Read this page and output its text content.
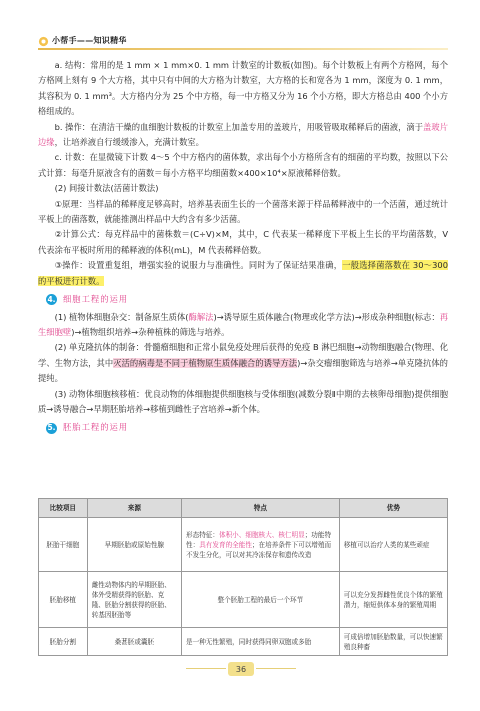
小帮手——知识精华

a. 结构：常用的是 1 mm × 1 mm×0. 1 mm 计数室的计数板(如图)。每个计数板上有两个方格网，每个方格网上刻有 9 个大方格，其中只有中间的大方格为计数室，大方格的长和宽各为 1 mm，深度为 0. 1 mm，其容积为 0. 1 mm³。大方格内分为 25 个中方格，每一中方格又分为 16 个小方格，即大方格总由 400 个小方格组成的。

b. 操作：在清洁干燥的血细胞计数板的计数室上加盖专用的盖玻片，用吸管吸取稀释后的菌液，滴于盖玻片边缘，让培养液自行缓缓渗入，充满计数室。

c. 计数：在显微镜下计数 4～5 个中方格内的菌体数，求出每个小方格所含有的细菌的平均数，按照以下公式计算：每毫升原液含有的菌数＝每小方格平均细菌数×400×10⁴×原液稀释倍数。

(2) 间接计数法(活菌计数法)

①原理：当样品的稀释度足够高时，培养基表面生长的一个菌落来源于样品稀释液中的一个活菌，通过统计平板上的菌落数，就能推测出样品中大约含有多少活菌。

②计算公式：每克样品中的菌株数＝(C÷V)×M，其中，C 代表某一稀释度下平板上生长的平均菌落数，V 代表涂布平板时所用的稀释液的体积(mL)，M 代表稀释倍数。

③操作：设置重复组，增强实验的说服力与准确性。同时为了保证结果准确，一般选择菌落数在 30～300 的平板进行计数。

4. 细胞工程的运用

(1) 植物体细胞杂交：制备原生质体(酶解法)→诱导原生质体融合(物理或化学方法)→形成杂种细胞(标志：再生细胞壁)→植物组织培养→杂种植株的筛选与培养。

(2) 单克隆抗体的制备：骨髓瘤细胞和正常小鼠免疫处理后获得的免疫 B 淋巴细胞→动物细胞融合(物理、化学、生物方法，其中灭活的病毒是不同于植物原生质体融合的诱导方法)→杂交瘤细胞筛选与培养→单克隆抗体的提纯。

(3) 动物体细胞核移植：优良动物的体细胞提供细胞核与受体细胞(减数分裂Ⅱ中期的去核卵母细胞)提供细胞质→诱导融合→早期胚胎培养→移植到雌性子宫培养→新个体。

5. 胚胎工程的运用
比较项目	来源	特点	优势
胚胎干细胞	早期胚胎或原始性腺	形态特征：体积小、细胞核大、核仁明显；功能特性：具有发育的全能性；在培养条件下可以增殖而不发生分化，可以对其冷冻保存和遗传改造	移植可以治疗人类的某些顽症
胚胎移植	雌性动物体内的早期胚胎、体外受精获得的胚胎、克隆、胚胎分割获得的胚胎、转基因胚胎等	整个胚胎工程的最后一个环节	可以充分发挥雌性优良个体的繁殖潜力，缩短供体本身的繁殖周期
胚胎分割	桑葚胚或囊胚	是一种无性繁殖，同时获得同卵双胞或多胎	可成倍增加胚胎数量，可以快速繁殖良种畜
36
